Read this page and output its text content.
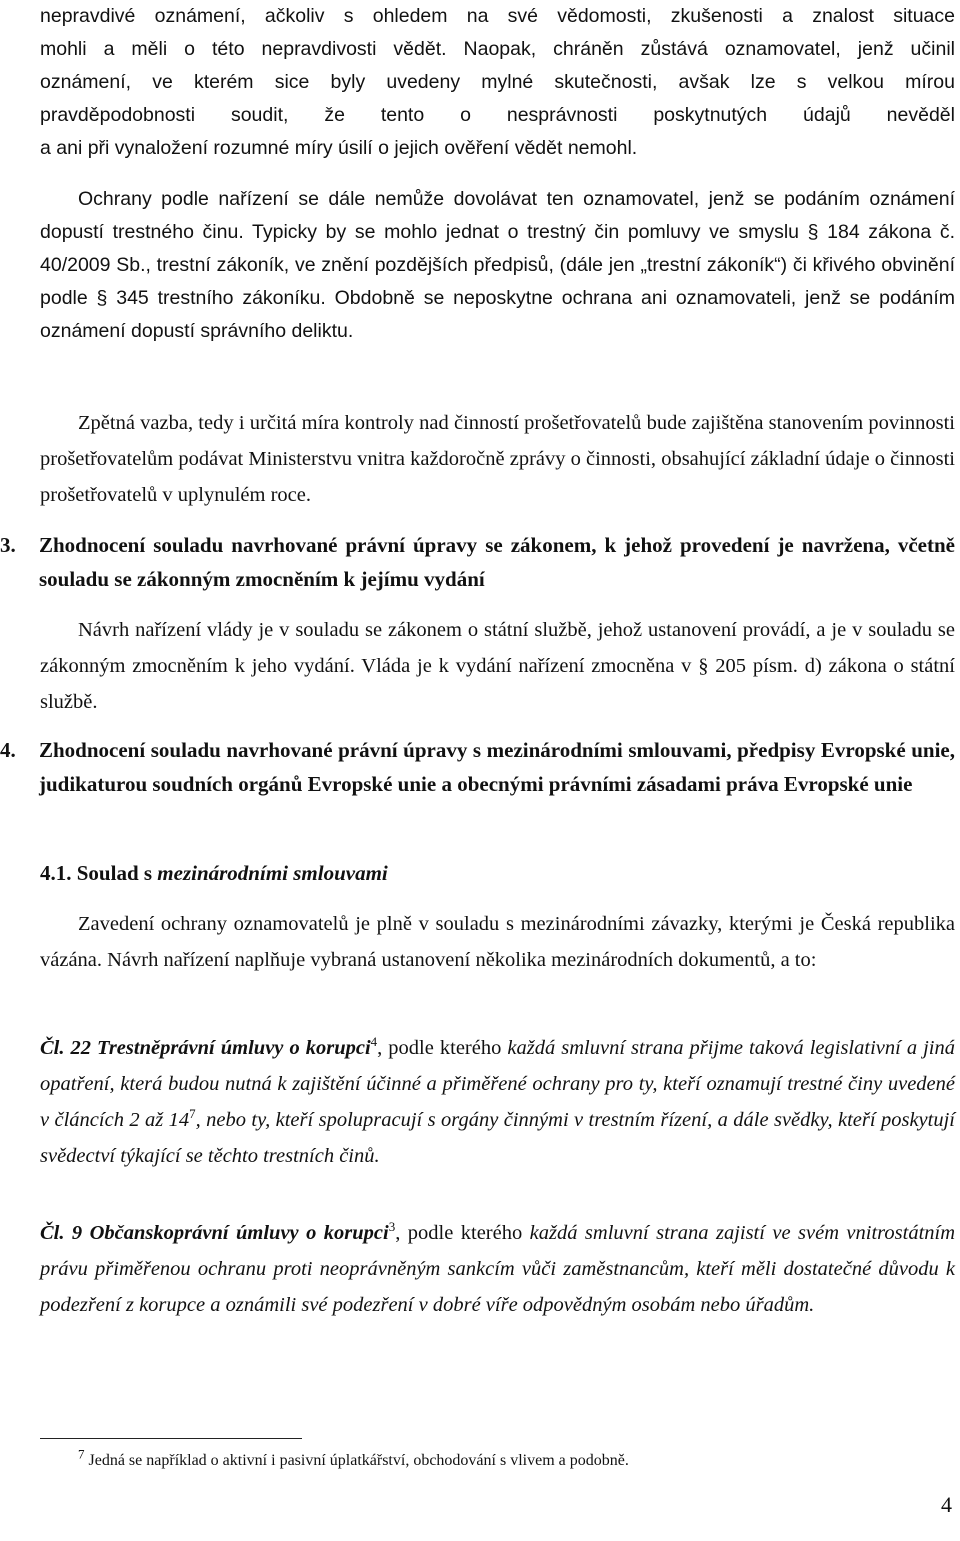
nepravdivé oznámení, ačkoliv s ohledem na své vědomosti, zkušenosti a znalost situace

mohli a měli o této nepravdivosti vědět. Naopak, chráněn zůstává oznamovatel, jenž učinil

oznámení, ve kterém sice byly uvedeny mylné skutečnosti, avšak lze s velkou mírou

pravděpodobnosti soudit, že tento o nesprávnosti poskytnutých údajů nevěděl

a ani při vynaložení rozumné míry úsilí o jejich ověření vědět nemohl.

Ochrany podle nařízení se dále nemůže dovolávat ten oznamovatel, jenž se podáním oznámení dopustí trestného činu. Typicky by se mohlo jednat o trestný čin pomluvy ve smyslu § 184 zákona č. 40/2009 Sb., trestní zákoník, ve znění pozdějších předpisů, (dále jen „trestní zákoník“) či křivého obvinění podle § 345 trestního zákoníku. Obdobně se neposkytne ochrana ani oznamovateli, jenž se podáním oznámení dopustí správního deliktu.

Zpětná vazba, tedy i určitá míra kontroly nad činností prošetřovatelů bude zajištěna stanovením povinnosti prošetřovatelům podávat Ministerstvu vnitra každoročně zprávy o činnosti, obsahující základní údaje o činnosti prošetřovatelů v uplynulém roce.

3.	Zhodnocení souladu navrhované právní úpravy se zákonem, k jehož provedení je navržena, včetně souladu se zákonným zmocněním k jejímu vydání

Návrh nařízení vlády je v souladu se zákonem o státní službě, jehož ustanovení provádí, a je v souladu se zákonným zmocněním k jeho vydání. Vláda je k vydání nařízení zmocněna v § 205 písm. d) zákona o státní službě.

4.	Zhodnocení souladu navrhované právní úpravy s mezinárodními smlouvami, předpisy Evropské unie, judikaturou soudních orgánů Evropské unie a obecnými právními zásadami práva Evropské unie

4.1. Soulad s mezinárodními smlouvami

Zavedení ochrany oznamovatelů je plně v souladu s mezinárodními závazky, kterými je Česká republika vázána. Návrh nařízení naplňuje vybraná ustanovení několika mezinárodních dokumentů, a to:

Čl. 22 Trestněprávní úmluvy o korupci$^4$, podle kterého každá smluvní strana přijme taková legislativní a jiná opatření, která budou nutná k zajištění účinné a přiměřené ochrany pro ty, kteří oznamují trestné činy uvedené v článcích 2 až $14^7$, nebo ty, kteří spolupracují s orgány činnými v trestním řízení, a dále svědky, kteří poskytují svědectví týkající se těchto trestních činů.

Čl. 9 Občanskoprávní úmluvy o korupci$^3$, podle kterého každá smluvní strana zajistí ve svém vnitrostátním právu přiměřenou ochranu proti neoprávněným sankcím vůči zaměstnancům, kteří měli dostatečné důvodu k podezření z korupce a oznámili své podezření v dobré víře odpovědným osobám nebo úřadům.

$^7$ Jedná se například o aktivní i pasivní úplatkářství, obchodování s vlivem a podobně.
4
